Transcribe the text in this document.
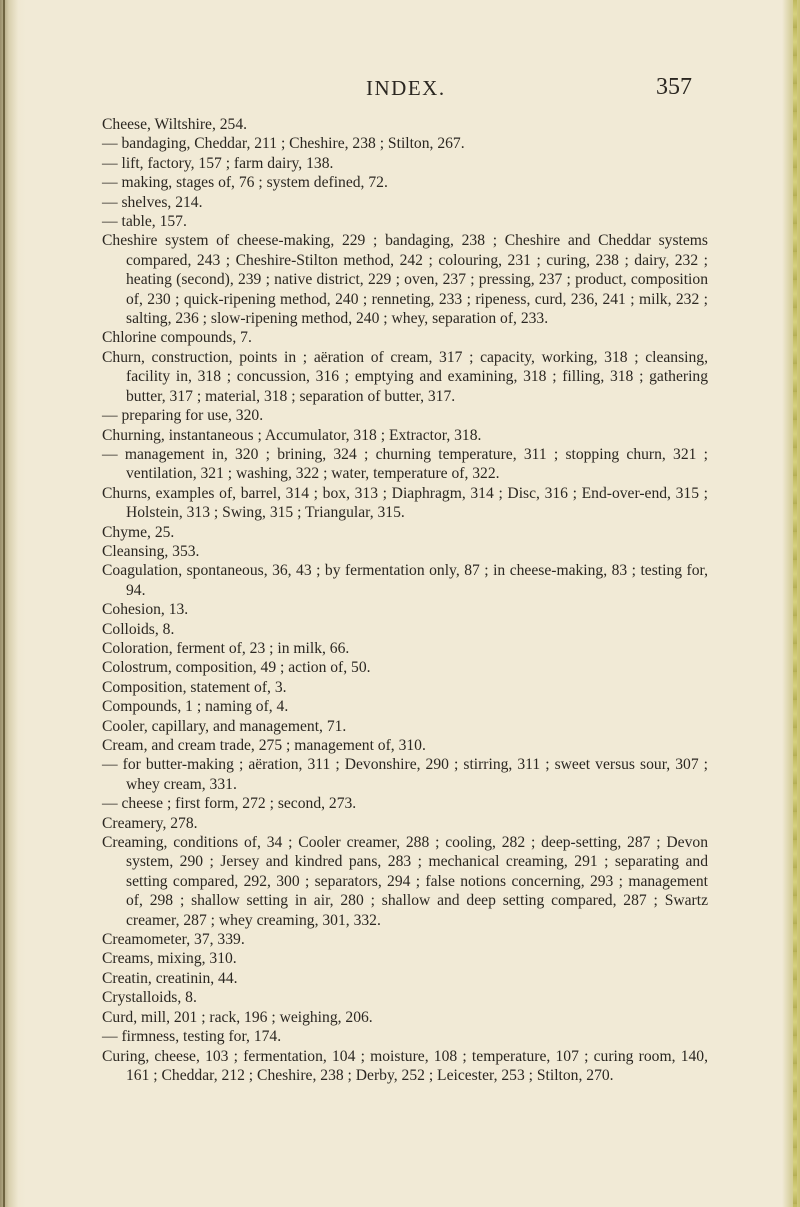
INDEX.	357
Cheese, Wiltshire, 254.
— bandaging, Cheddar, 211 ; Cheshire, 238 ; Stilton, 267.
— lift, factory, 157 ; farm dairy, 138.
— making, stages of, 76 ; system defined, 72.
— shelves, 214.
— table, 157.
Cheshire system of cheese-making, 229 ; bandaging, 238 ; Cheshire and Cheddar systems compared, 243 ; Cheshire-Stilton method, 242 ; colouring, 231 ; curing, 238 ; dairy, 232 ; heating (second), 239 ; native district, 229 ; oven, 237 ; pressing, 237 ; product, composition of, 230 ; quick-ripening method, 240 ; renneting, 233 ; ripeness, curd, 236, 241 ; milk, 232 ; salting, 236 ; slow-ripening method, 240 ; whey, separation of, 233.
Chlorine compounds, 7.
Churn, construction, points in ; aëration of cream, 317 ; capacity, working, 318 ; cleansing, facility in, 318 ; concussion, 316 ; emptying and examining, 318 ; filling, 318 ; gathering butter, 317 ; material, 318 ; separation of butter, 317.
— preparing for use, 320.
Churning, instantaneous ; Accumulator, 318 ; Extractor, 318.
— management in, 320 ; brining, 324 ; churning temperature, 311 ; stopping churn, 321 ; ventilation, 321 ; washing, 322 ; water, temperature of, 322.
Churns, examples of, barrel, 314 ; box, 313 ; Diaphragm, 314 ; Disc, 316 ; End-over-end, 315 ; Holstein, 313 ; Swing, 315 ; Triangular, 315.
Chyme, 25.
Cleansing, 353.
Coagulation, spontaneous, 36, 43 ; by fermentation only, 87 ; in cheese-making, 83 ; testing for, 94.
Cohesion, 13.
Colloids, 8.
Coloration, ferment of, 23 ; in milk, 66.
Colostrum, composition, 49 ; action of, 50.
Composition, statement of, 3.
Compounds, 1 ; naming of, 4.
Cooler, capillary, and management, 71.
Cream, and cream trade, 275 ; management of, 310.
— for butter-making ; aëration, 311 ; Devonshire, 290 ; stirring, 311 ; sweet versus sour, 307 ; whey cream, 331.
— cheese ; first form, 272 ; second, 273.
Creamery, 278.
Creaming, conditions of, 34 ; Cooler creamer, 288 ; cooling, 282 ; deep-setting, 287 ; Devon system, 290 ; Jersey and kindred pans, 283 ; mechanical creaming, 291 ; separating and setting compared, 292, 300 ; separators, 294 ; false notions concerning, 293 ; management of, 298 ; shallow setting in air, 280 ; shallow and deep setting compared, 287 ; Swartz creamer, 287 ; whey creaming, 301, 332.
Creamometer, 37, 339.
Creams, mixing, 310.
Creatin, creatinin, 44.
Crystalloids, 8.
Curd, mill, 201 ; rack, 196 ; weighing, 206.
— firmness, testing for, 174.
Curing, cheese, 103 ; fermentation, 104 ; moisture, 108 ; temperature, 107 ; curing room, 140, 161 ; Cheddar, 212 ; Cheshire, 238 ; Derby, 252 ; Leicester, 253 ; Stilton, 270.
